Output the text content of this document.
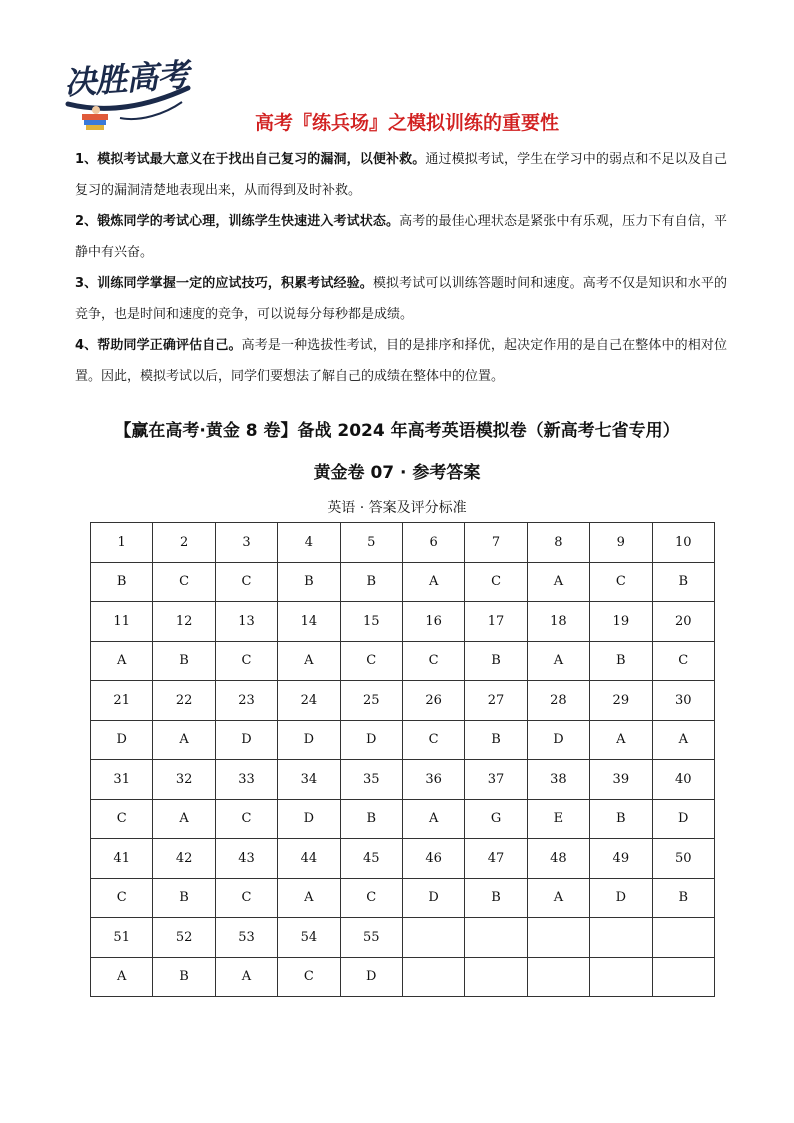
决胜高考
高考『练兵场』之模拟训练的重要性

1、模拟考试最大意义在于找出自己复习的漏洞，以便补救。通过模拟考试，学生在学习中的弱点和不足以及自己复习的漏洞清楚地表现出来，从而得到及时补救。

2、锻炼同学的考试心理，训练学生快速进入考试状态。高考的最佳心理状态是紧张中有乐观，压力下有自信，平静中有兴奋。

3、训练同学掌握一定的应试技巧，积累考试经验。模拟考试可以训练答题时间和速度。高考不仅是知识和水平的竞争，也是时间和速度的竞争，可以说每分每秒都是成绩。

4、帮助同学正确评估自己。高考是一种选拔性考试，目的是排序和择优，起决定作用的是自己在整体中的相对位置。因此，模拟考试以后，同学们要想法了解自己的成绩在整体中的位置。

【赢在高考·黄金 8 卷】备战 2024 年高考英语模拟卷（新高考七省专用）
黄金卷 07 · 参考答案
英语 · 答案及评分标准
1	2	3	4	5	6	7	8	9	10
B	C	C	B	B	A	C	A	C	B
11	12	13	14	15	16	17	18	19	20
A	B	C	A	C	C	B	A	B	C
21	22	23	24	25	26	27	28	29	30
D	A	D	D	D	C	B	D	A	A
31	32	33	34	35	36	37	38	39	40
C	A	C	D	B	A	G	E	B	D
41	42	43	44	45	46	47	48	49	50
C	B	C	A	C	D	B	A	D	B
51	52	53	54	55					
A	B	A	C	D					
